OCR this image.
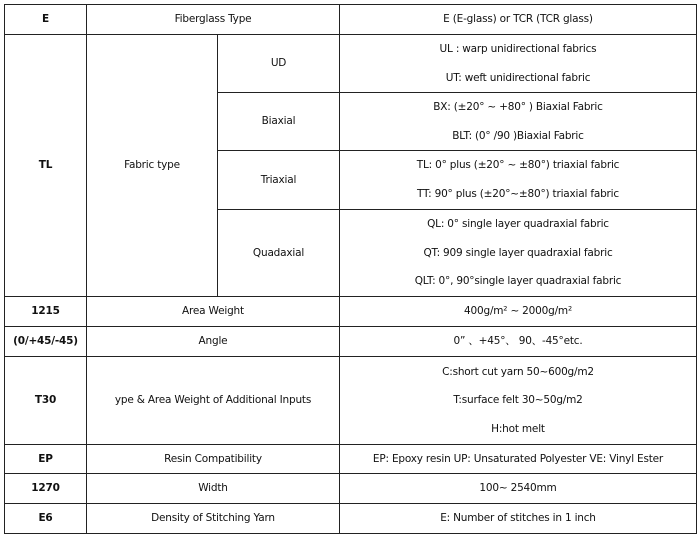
E	Fiberglass Type		E (E-glass) or TCR (TCR glass)
TL	Fabric type	UD	UL : warp unidirectional fabrics
UT: weft unidirectional fabric

		Biaxial	BX: (±20° ~ +80° ) Biaxial Fabric
BLT: (0° /90 )Biaxial Fabric

		Triaxial	TL: 0° plus (±20° ~ ±80°) triaxial fabric
TT: 90° plus (±20°~±80°) triaxial fabric

		Quadaxial	QL: 0° single layer quadraxial fabric
QT: 909 single layer quadraxial fabric
QLT: 0°, 90°single layer quadraxial fabric

1215	Area Weight		400g/m² ~ 2000g/m²
(0/+45/-45)	Angle		0” 、+45°、 90、-45°etc.
T30	ype & Area Weight of Additional Inputs		C:short cut yarn 50~600g/m2
T:surface felt 30~50g/m2
H:hot melt

EP	Resin Compatibility		EP: Epoxy resin UP: Unsaturated Polyester VE: Vinyl Ester
1270	Width		100~ 2540mm
E6	Density of Stitching Yarn		E: Number of stitches in 1 inch
